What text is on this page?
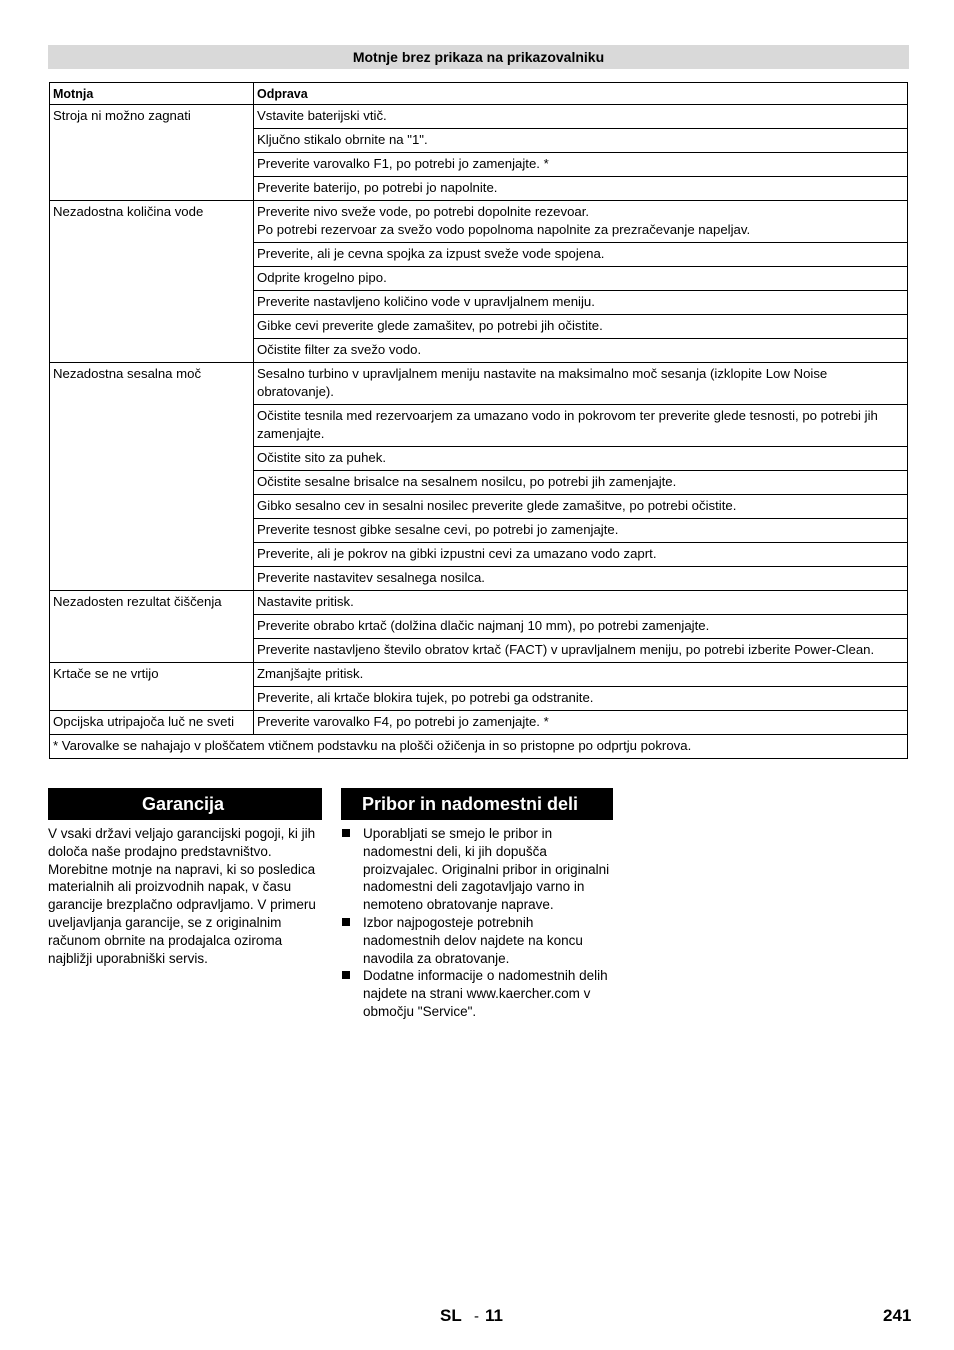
Motnje brez prikaza na prikazovalniku
Motnja	Odprava
Stroja ni možno zagnati	Vstavite baterijski vtič.
	Ključno stikalo obrnite na "1".
	Preverite varovalko F1, po potrebi jo zamenjajte. *
	Preverite baterijo, po potrebi jo napolnite.
Nezadostna količina vode	Preverite nivo sveže vode, po potrebi dopolnite rezevoar.
Po potrebi rezervoar za svežo vodo popolnoma napolnite za prezračevanje napeljav.
	Preverite, ali je cevna spojka za izpust sveže vode spojena.
	Odprite krogelno pipo.
	Preverite nastavljeno količino vode v upravljalnem meniju.
	Gibke cevi preverite glede zamašitev, po potrebi jih očistite.
	Očistite filter za svežo vodo.
Nezadostna sesalna moč	Sesalno turbino v upravljalnem meniju nastavite na maksimalno moč sesanja (izklopite Low Noise obratovanje).
	Očistite tesnila med rezervoarjem za umazano vodo in pokrovom ter preverite glede tesnosti, po potrebi jih zamenjajte.
	Očistite sito za puhek.
	Očistite sesalne brisalce na sesalnem nosilcu, po potrebi jih zamenjajte.
	Gibko sesalno cev in sesalni nosilec preverite glede zamašitve, po potrebi očistite.
	Preverite tesnost gibke sesalne cevi, po potrebi jo zamenjajte.
	Preverite, ali je pokrov na gibki izpustni cevi za umazano vodo zaprt.
	Preverite nastavitev sesalnega nosilca.
Nezadosten rezultat čiščenja	Nastavite pritisk.
	Preverite obrabo krtač (dolžina dlačic najmanj 10 mm), po potrebi zamenjajte.
	Preverite nastavljeno število obratov krtač (FACT) v upravljalnem meniju, po potrebi izberite Power-Clean.
Krtače se ne vrtijo	Zmanjšajte pritisk.
	Preverite, ali krtače blokira tujek, po potrebi ga odstranite.
Opcijska utripajoča luč ne sveti	Preverite varovalko F4, po potrebi jo zamenjajte. *
* Varovalke se nahajajo v ploščatem vtičnem podstavku na plošči ožičenja in so pristopne po odprtju pokrova.	
Garancija
V vsaki državi veljajo garancijski pogoji, ki jih določa naše prodajno predstavništvo. Morebitne motnje na napravi, ki so posledica materialnih ali proizvodnih napak, v času garancije brezplačno odpravljamo. V primeru uveljavljanja garancije, se z originalnim računom obrnite na prodajalca oziroma najbližji uporabniški servis.
Pribor in nadomestni deli
Uporabljati se smejo le pribor in nadomestni deli, ki jih dopušča proizvajalec. Originalni pribor in originalni nadomestni deli zagotavljajo varno in nemoteno obratovanje naprave.
Izbor najpogosteje potrebnih nadomestnih delov najdete na koncu navodila za obratovanje.
Dodatne informacije o nadomestnih delih najdete na strani www.kaercher.com v območju "Service".
SL - 11	241
